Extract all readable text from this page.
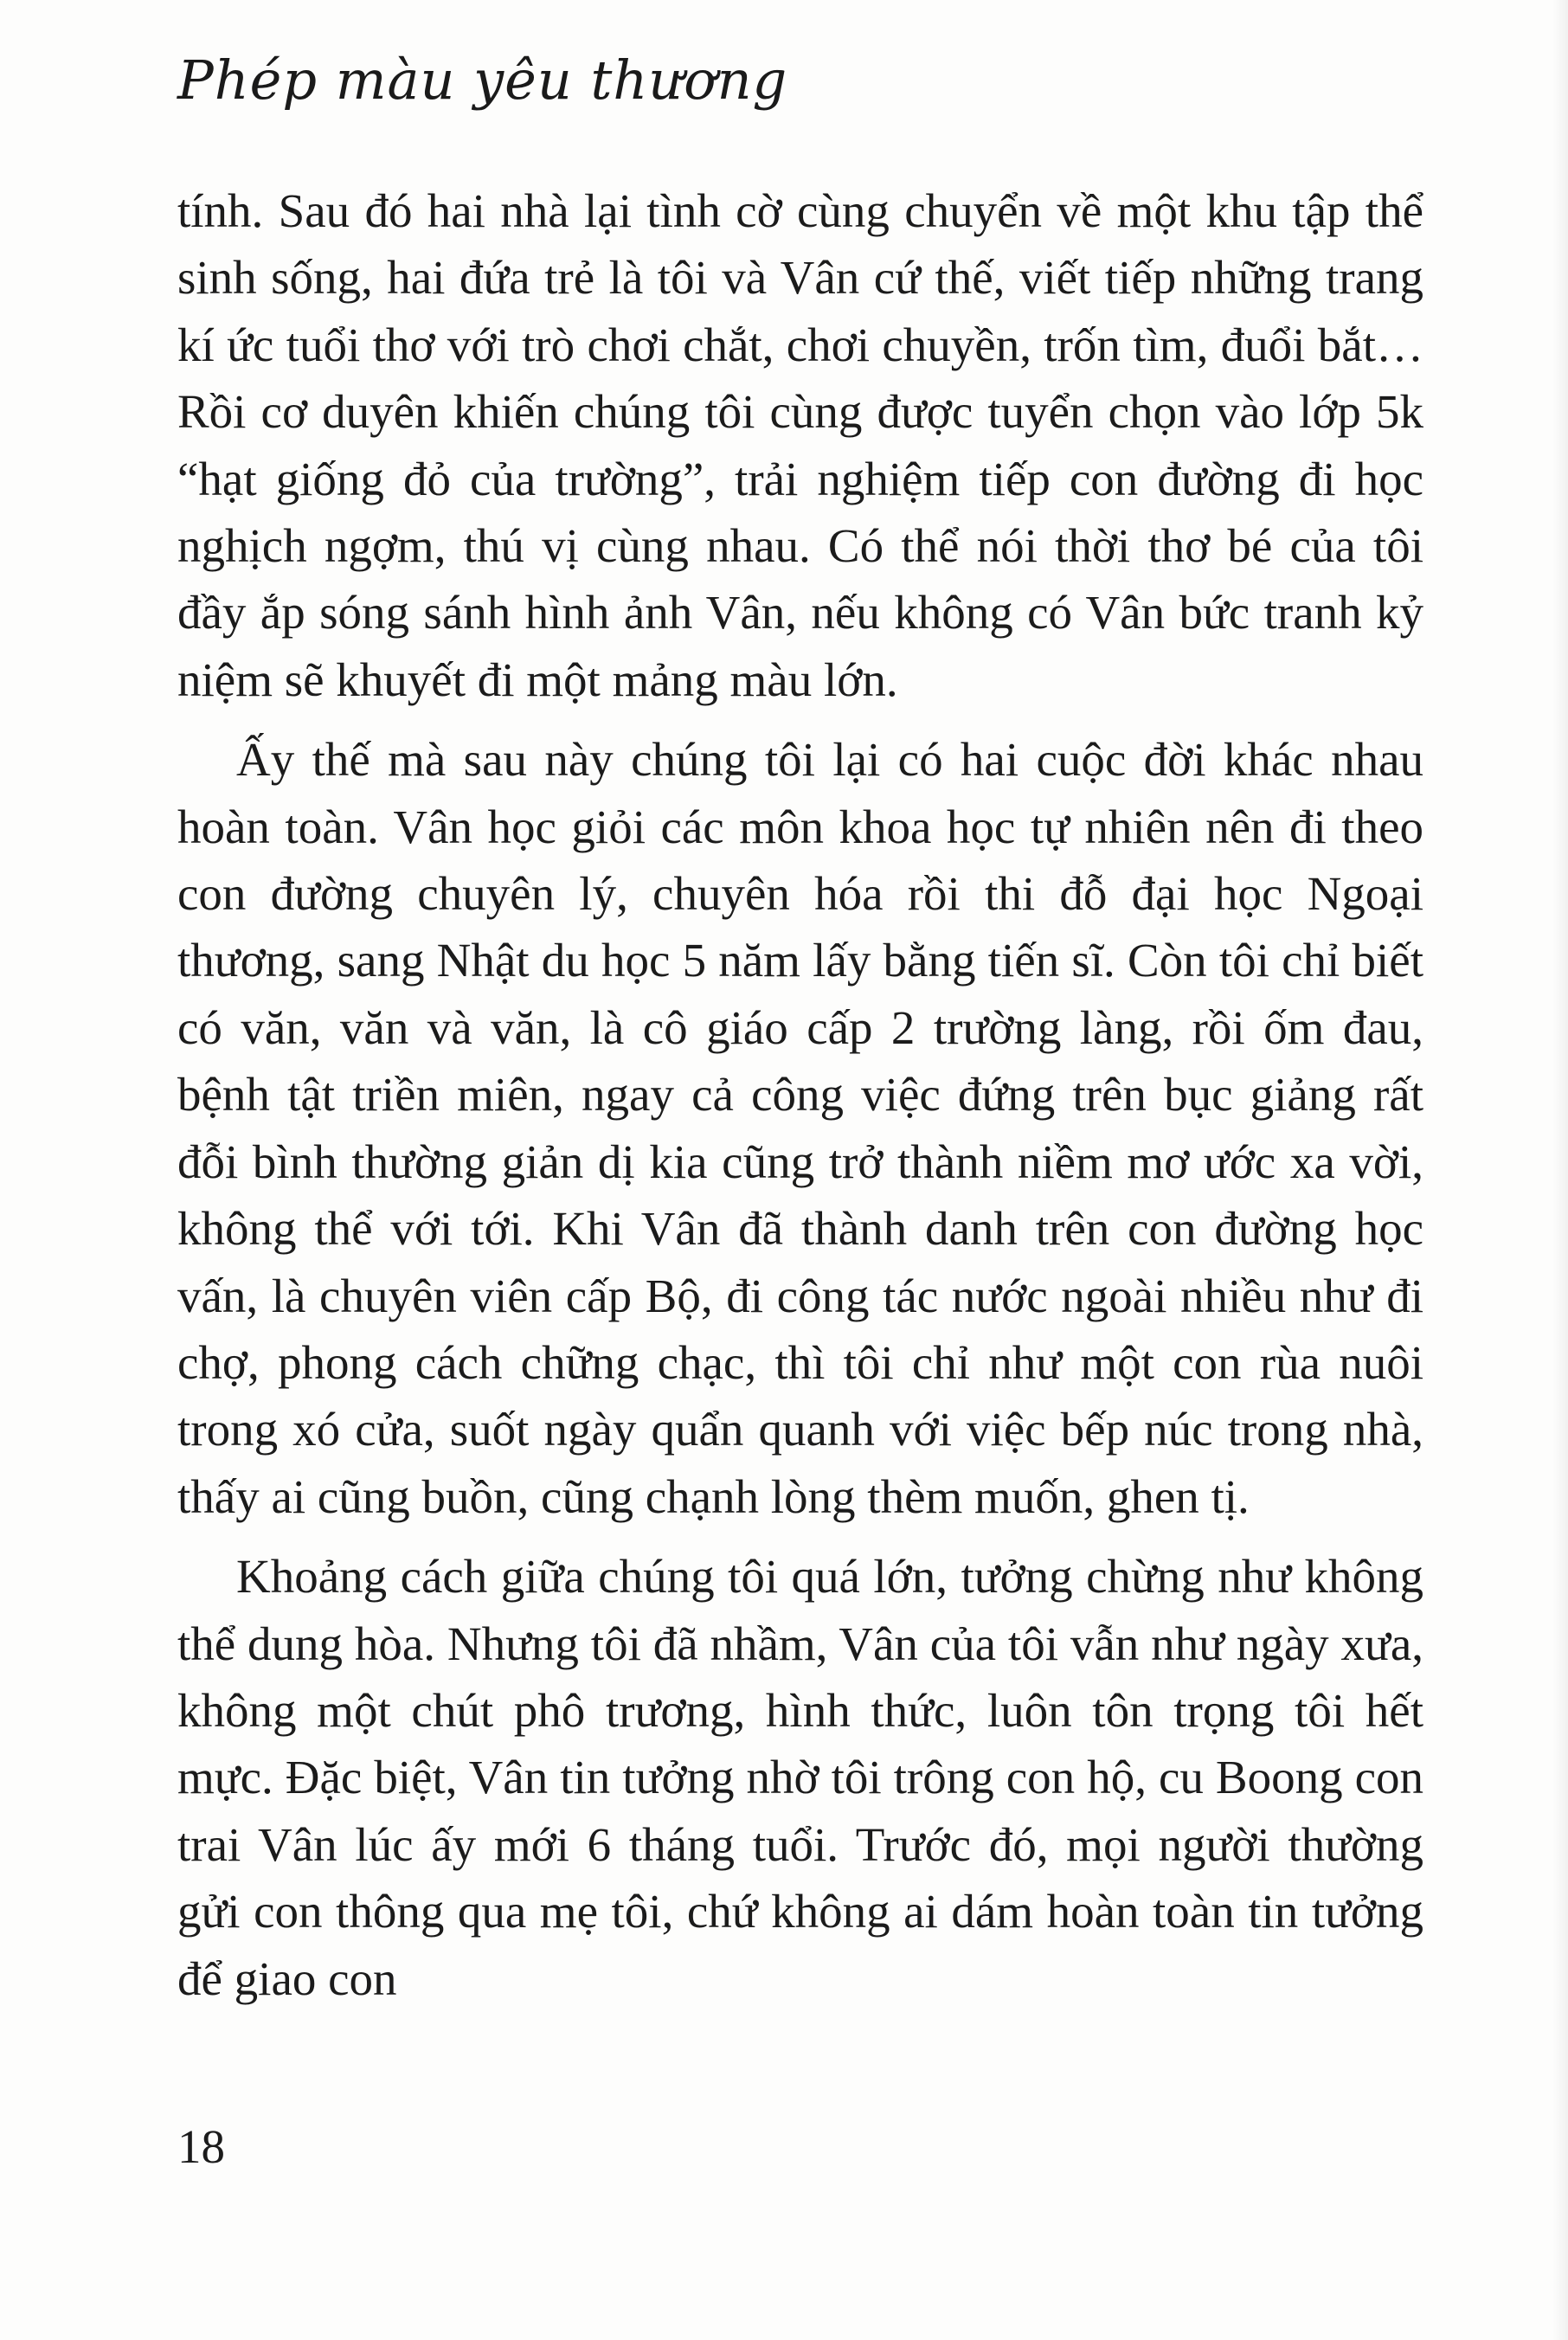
Phép màu yêu thương

tính. Sau đó hai nhà lại tình cờ cùng chuyển về một khu tập thể sinh sống, hai đứa trẻ là tôi và Vân cứ thế, viết tiếp những trang kí ức tuổi thơ với trò chơi chắt, chơi chuyền, trốn tìm, đuổi bắt… Rồi cơ duyên khiến chúng tôi cùng được tuyển chọn vào lớp 5k “hạt giống đỏ của trường”, trải nghiệm tiếp con đường đi học nghịch ngợm, thú vị cùng nhau. Có thể nói thời thơ bé của tôi đầy ắp sóng sánh hình ảnh Vân, nếu không có Vân bức tranh kỷ niệm sẽ khuyết đi một mảng màu lớn.

Ấy thế mà sau này chúng tôi lại có hai cuộc đời khác nhau hoàn toàn. Vân học giỏi các môn khoa học tự nhiên nên đi theo con đường chuyên lý, chuyên hóa rồi thi đỗ đại học Ngoại thương, sang Nhật du học 5 năm lấy bằng tiến sĩ. Còn tôi chỉ biết có văn, văn và văn, là cô giáo cấp 2 trường làng, rồi ốm đau, bệnh tật triền miên, ngay cả công việc đứng trên bục giảng rất đỗi bình thường giản dị kia cũng trở thành niềm mơ ước xa vời, không thể với tới. Khi Vân đã thành danh trên con đường học vấn, là chuyên viên cấp Bộ, đi công tác nước ngoài nhiều như đi chợ, phong cách chững chạc, thì tôi chỉ như một con rùa nuôi trong xó cửa, suốt ngày quẩn quanh với việc bếp núc trong nhà, thấy ai cũng buồn, cũng chạnh lòng thèm muốn, ghen tị.

Khoảng cách giữa chúng tôi quá lớn, tưởng chừng như không thể dung hòa. Nhưng tôi đã nhầm, Vân của tôi vẫn như ngày xưa, không một chút phô trương, hình thức, luôn tôn trọng tôi hết mực. Đặc biệt, Vân tin tưởng nhờ tôi trông con hộ, cu Boong con trai Vân lúc ấy mới 6 tháng tuổi. Trước đó, mọi người thường gửi con thông qua mẹ tôi, chứ không ai dám hoàn toàn tin tưởng để giao con

18
